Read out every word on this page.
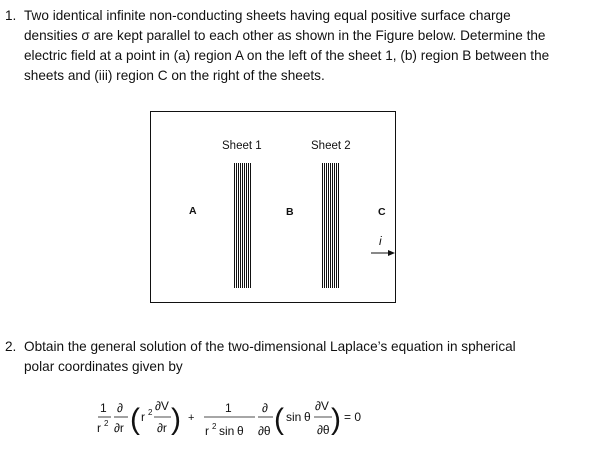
1. Two identical infinite non-conducting sheets having equal positive surface charge
densities σ are kept parallel to each other as shown in the Figure below. Determine the
electric field at a point in (a) region A on the left of the sheet 1, (b) region B between the
sheets and (iii) region C on the right of the sheets.
Sheet 1	Sheet 2
A	B	C
i
2. Obtain the general solution of the two-dimensional Laplace’s equation in spherical
polar coordinates given by
1
r 2
∂
∂r ( r 2 ∂V
∂r ) +
1
r 2 sin θ
∂
∂θ ( sin θ
∂V
∂θ ) = 0
